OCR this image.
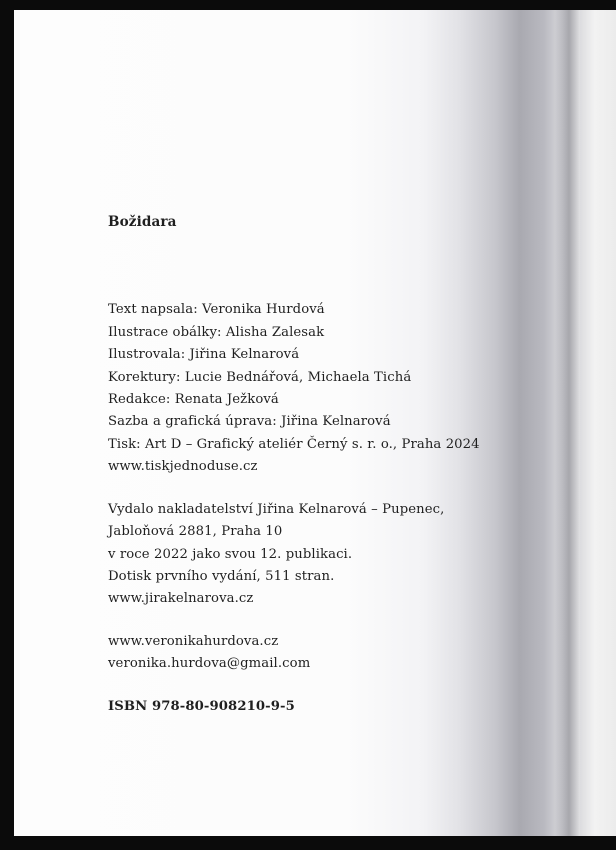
Božidara
Text napsala: Veronika Hurdová
Ilustrace obálky: Alisha Zalesak
Ilustrovala: Jiřina Kelnarová
Korektury: Lucie Bednářová, Michaela Tichá
Redakce: Renata Ježková
Sazba a grafická úprava: Jiřina Kelnarová
Tisk: Art D – Grafický ateliér Černý s. r. o., Praha 2024
www.tiskjednoduse.cz
Vydalo nakladatelství Jiřina Kelnarová – Pupenec,
Jabloňová 2881, Praha 10
v roce 2022 jako svou 12. publikaci.
Dotisk prvního vydání, 511 stran.
www.jirakelnarova.cz
www.veronikahurdova.cz
veronika.hurdova@gmail.com
ISBN 978-80-908210-9-5
